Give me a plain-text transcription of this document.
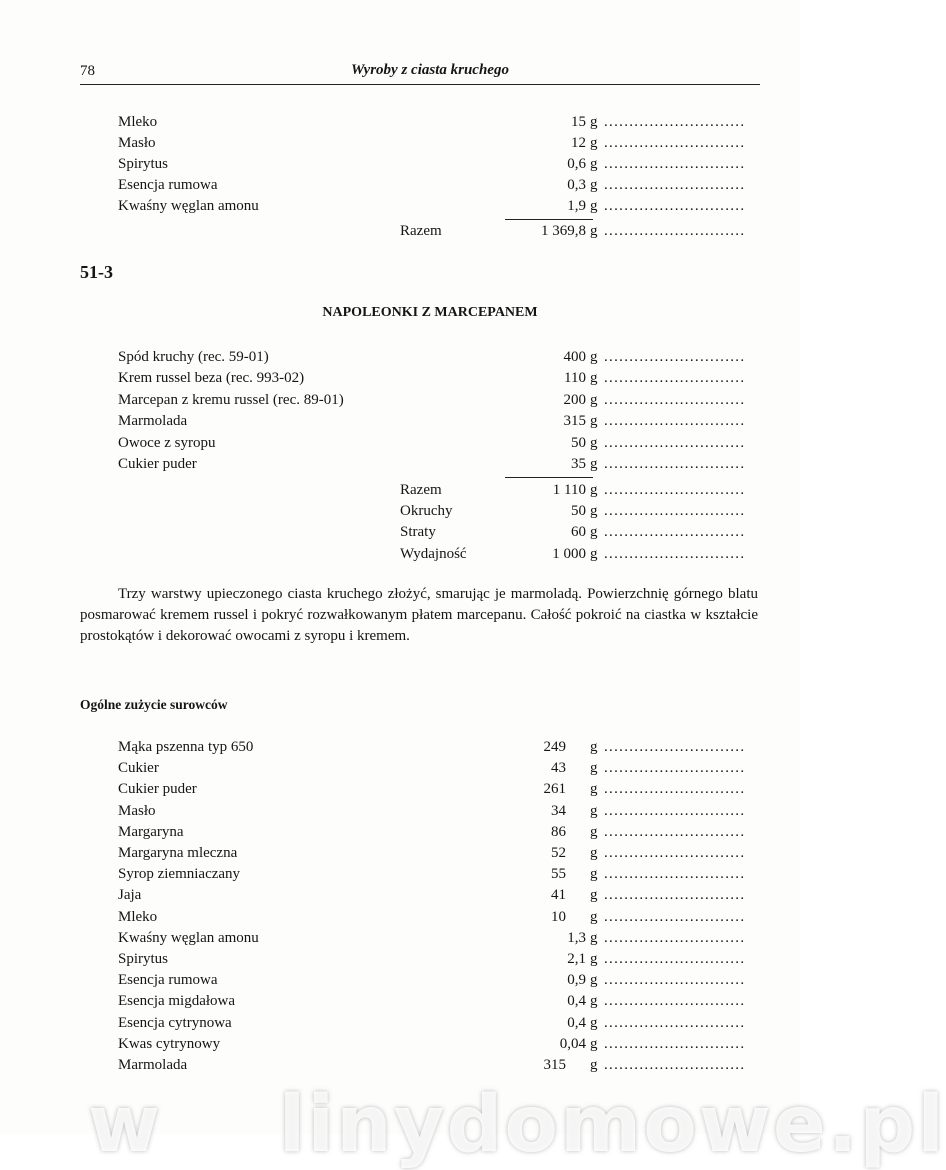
78	Wyroby z ciasta kruchego
Mleko	15 g ............................
Masło	12 g ............................
Spirytus	0,6 g ............................
Esencja rumowa	0,3 g ............................
Kwaśny węglan amonu	1,9 g ............................
Razem	1 369,8 g ............................
51-3
NAPOLEONKI Z MARCEPANEM
Spód kruchy (rec. 59-01)	400 g ............................
Krem russel beza (rec. 993-02)	110 g ............................
Marcepan z kremu russel (rec. 89-01)	200 g ............................
Marmolada	315 g ............................
Owoce z syropu	50 g ............................
Cukier puder	35 g ............................
Razem	1 110 g ............................
Okruchy	50 g ............................
Straty	60 g ............................
Wydajność	1 000 g ............................
Trzy warstwy upieczonego ciasta kruchego złożyć, smarując je marmoladą. Powierzchnię górnego blatu posmarować kremem russel i pokryć rozwałkowanym płatem marcepanu. Całość pokroić na ciastka w kształcie prostokątów i dekorować owocami z syropu i kremem.
Ogólne zużycie surowców
Mąka pszenna typ 650	249 g ............................
Cukier	43 g ............................
Cukier puder	261 g ............................
Masło	34 g ............................
Margaryna	86 g ............................
Margaryna mleczna	52 g ............................
Syrop ziemniaczany	55 g ............................
Jaja	41 g ............................
Mleko	10 g ............................
Kwaśny węglan amonu	1,3 g ............................
Spirytus	2,1 g ............................
Esencja rumowa	0,9 g ............................
Esencja migdałowa	0,4 g ............................
Esencja cytrynowa	0,4 g ............................
Kwas cytrynowy	0,04 g ............................
Marmolada	315 g ............................
w    linydomowe.pl
